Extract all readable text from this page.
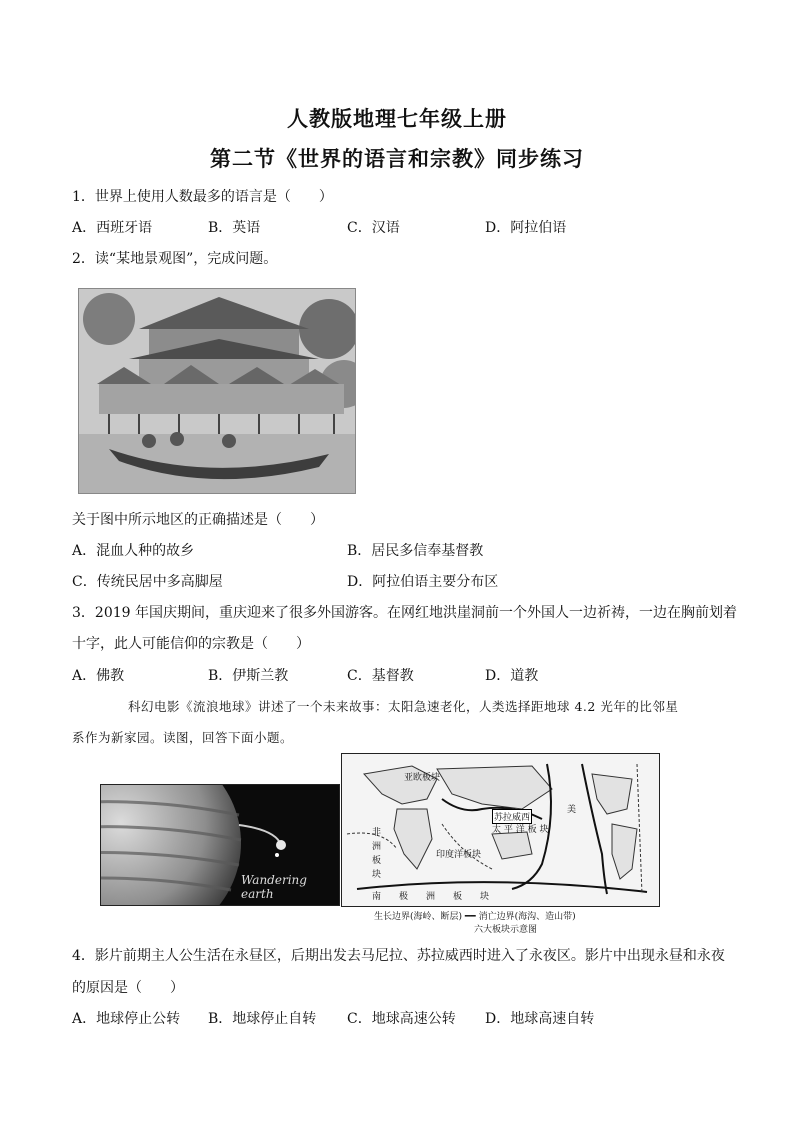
人教版地理七年级上册
第二节《世界的语言和宗教》同步练习
1．世界上使用人数最多的语言是（　　）
A．西班牙语	B．英语	C．汉语	D．阿拉伯语
2．读“某地景观图”，完成问题。
关于图中所示地区的正确描述是（　　）
A．混血人种的故乡	B．居民多信奉基督教
C．传统民居中多高脚屋	D．阿拉伯语主要分布区
3．2019 年国庆期间，重庆迎来了很多外国游客。在网红地洪崖洞前一个外国人一边祈祷，一边在胸前划着
十字，此人可能信仰的宗教是（　　）
A．佛教	B．伊斯兰教	C．基督教	D．道教
科幻电影《流浪地球》讲述了一个未来故事：太阳急速老化，人类选择距地球 4.2 光年的比邻星
系作为新家园。读图，回答下面小题。
Wandering earth
亚欧板块
苏拉威西
太 平 洋 板 块
印度洋板块
非 洲 板 块
美
南　　极　　洲　　板　　块
生长边界(海岭、断层) ━━ 消亡边界(海沟、造山带)
六大板块示意图
4．影片前期主人公生活在永昼区，后期出发去马尼拉、苏拉威西时进入了永夜区。影片中出现永昼和永夜
的原因是（　　）
A．地球停止公转 B．地球停止自转 C．地球高速公转 D．地球高速自转
